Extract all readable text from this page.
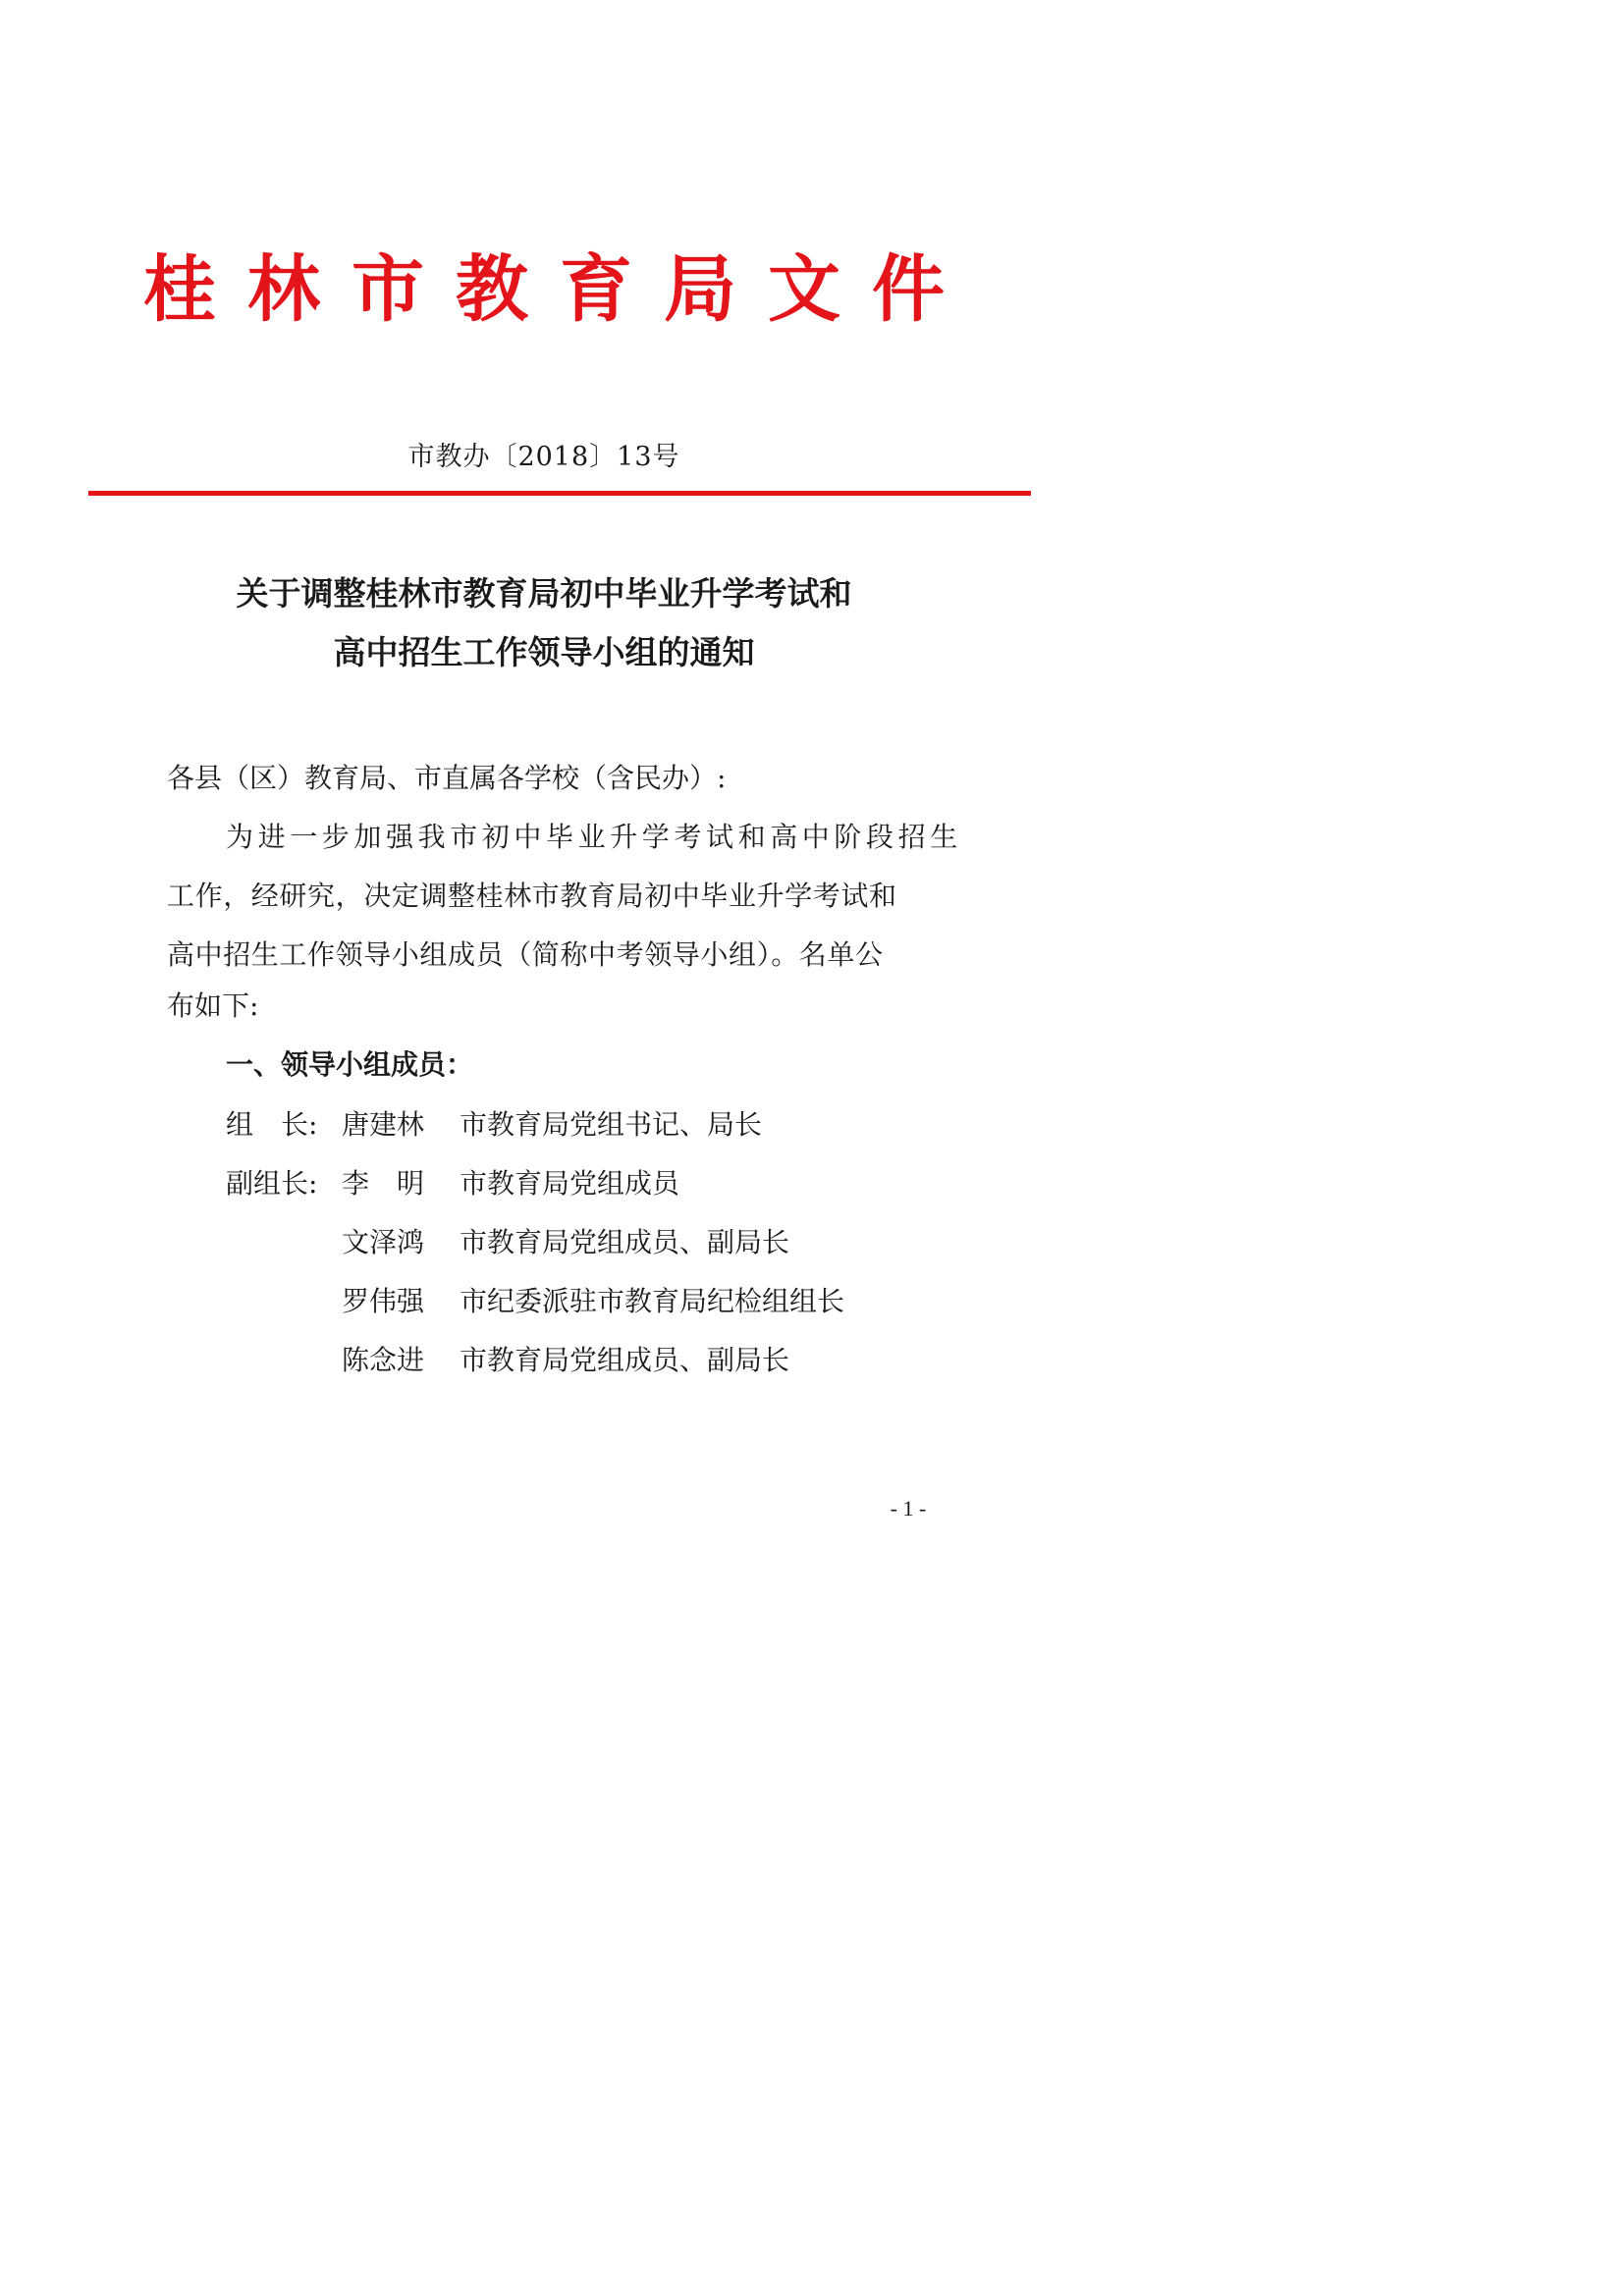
桂 林 市 教 育 局 文 件
市教办〔2018〕13号
关于调整桂林市教育局初中毕业升学考试和
高中招生工作领导小组的通知
各县（区）教育局、市直属各学校（含民办）:
为进一步加强我市初中毕业升学考试和高中阶段招生
工作，经研究，决定调整桂林市教育局初中毕业升学考试和
高中招生工作领导小组成员（简称中考领导小组）。名单公
布如下:
一、领导小组成员：
组　长: 唐建林	市教育局党组书记、局长
副组长: 李　明	市教育局党组成员
文泽鸿	市教育局党组成员、副局长
罗伟强	市纪委派驻市教育局纪检组组长
陈念进	市教育局党组成员、副局长
- 1 -
